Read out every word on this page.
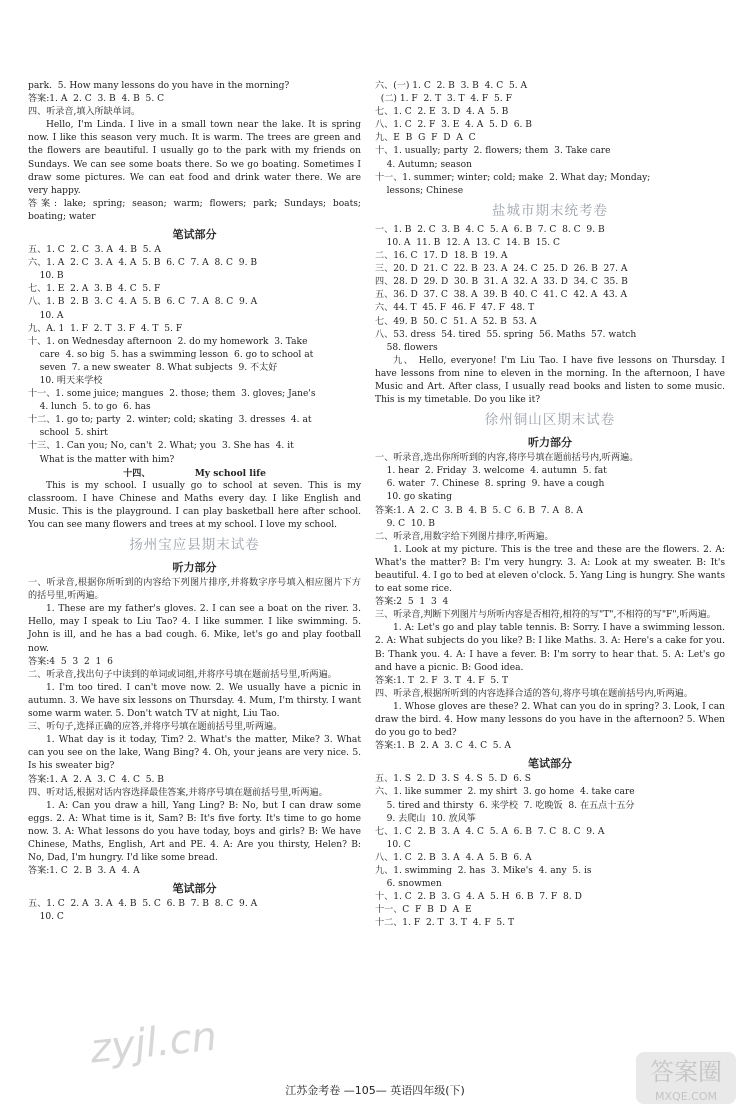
park.  5. How many lessons do you have in the morning?
答案:1. A  2. C  3. B  4. B  5. C
四、听录音,填入所缺单词。
Hello, I'm Linda. I live in a small town near the lake. It is spring now. I like this season very much. It is warm. The trees are green and the flowers are beautiful. I usually go to the park with my friends on Sundays. We can see some boats there. So we go boating. Sometimes I draw some pictures. We can eat food and drink water there. We are very happy.
答案: lake; spring; season; warm; flowers; park; Sundays; boats; boating; water
笔试部分
五、1. C  2. C  3. A  4. B  5. A
六、1. A  2. C  3. A  4. A  5. B  6. C  7. A  8. C  9. B
10. B
七、1. E  2. A  3. B  4. C  5. F
八、1. B  2. B  3. C  4. A  5. B  6. C  7. A  8. C  9. A
10. A
九、A. 1  1. F  2. T  3. F  4. T  5. F
十、1. on Wednesday afternoon  2. do my homework  3. Take
care  4. so big  5. has a swimming lesson  6. go to school at
seven  7. a new sweater  8. What subjects  9. 不太好
10. 明天来学校
十一、1. some juice; mangues  2. those; them  3. gloves; Jane's
4. lunch  5. to go  6. has
十二、1. go to; party  2. winter; cold; skating  3. dresses  4. at
school  5. shirt
十三、1. Can you; No, can't  2. What; you  3. She has  4. it
What is the matter with him?
十四、              My school life
This is my school. I usually go to school at seven. This is my classroom. I have Chinese and Maths every day. I like English and Music. This is the playground. I can play basketball here after school. You can see many flowers and trees at my school. I love my school.
扬州宝应县期末试卷
听力部分
一、听录音,根据你所听到的内容给下列图片排序,并将数字序号填入相应图片下方的括号里,听两遍。
1. These are my father's gloves. 2. I can see a boat on the river. 3. Hello, may I speak to Liu Tao? 4. I like summer. I like swimming. 5. John is ill, and he has a bad cough. 6. Mike, let's go and play football now.
答案:4  5  3  2  1  6
二、听录音,找出句子中读到的单词或词组,并将序号填在题前括号里,听两遍。
1. I'm too tired. I can't move now. 2. We usually have a picnic in autumn. 3. We have six lessons on Thursday. 4. Mum, I'm thirsty. I want some warm water. 5. Don't watch TV at night, Liu Tao.
三、听句子,选择正确的应答,并将序号填在题前括号里,听两遍。
1. What day is it today, Tim? 2. What's the matter, Mike? 3. What can you see on the lake, Wang Bing? 4. Oh, your jeans are very nice. 5. Is his sweater big?
答案:1. A  2. A  3. C  4. C  5. B
四、听对话,根据对话内容选择最佳答案,并将序号填在题前括号里,听两遍。
1. A: Can you draw a hill, Yang Ling? B: No, but I can draw some eggs. 2. A: What time is it, Sam? B: It's five forty. It's time to go home now. 3. A: What lessons do you have today, boys and girls? B: We have Chinese, Maths, English, Art and PE. 4. A: Are you thirsty, Helen? B: No, Dad, I'm hungry. I'd like some bread.
答案:1. C  2. B  3. A  4. A
笔试部分
五、1. C  2. A  3. A  4. B  5. C  6. B  7. B  8. C  9. A
10. C
六、(一) 1. C  2. B  3. B  4. C  5. A
(二) 1. F  2. T  3. T  4. F  5. F
七、1. C  2. E  3. D  4. A  5. B
八、1. C  2. F  3. E  4. A  5. D  6. B
九、E  B  G  F  D  A  C
十、1. usually; party  2. flowers; them  3. Take care
4. Autumn; season
十一、1. summer; winter; cold; make  2. What day; Monday;
lessons; Chinese
盐城市期末统考卷
一、1. B  2. C  3. B  4. C  5. A  6. B  7. C  8. C  9. B
10. A  11. B  12. A  13. C  14. B  15. C
二、16. C  17. D  18. B  19. A
三、20. D  21. C  22. B  23. A  24. C  25. D  26. B  27. A
四、28. D  29. D  30. B  31. A  32. A  33. D  34. C  35. B
五、36. D  37. C  38. A  39. B  40. C  41. C  42. A  43. A
六、44. T  45. F  46. F  47. F  48. T
七、49. B  50. C  51. A  52. B  53. A
八、53. dress  54. tired  55. spring  56. Maths  57. watch
58. flowers
九、 Hello, everyone! I'm Liu Tao. I have five lessons on Thursday. I have lessons from nine to eleven in the morning. In the afternoon, I have Music and Art. After class, I usually read books and listen to some music. This is my timetable. Do you like it?
徐州铜山区期末试卷
听力部分
一、听录音,选出你所听到的内容,将序号填在题前括号内,听两遍。
1. hear  2. Friday  3. welcome  4. autumn  5. fat
6. water  7. Chinese  8. spring  9. have a cough
10. go skating
答案:1. A  2. C  3. B  4. B  5. C  6. B  7. A  8. A
9. C  10. B
二、听录音,用数字给下列图片排序,听两遍。
1. Look at my picture. This is the tree and these are the flowers. 2. A: What's the matter? B: I'm very hungry. 3. A: Look at my sweater. B: It's beautiful. 4. I go to bed at eleven o'clock. 5. Yang Ling is hungry. She wants to eat some rice.
答案:2  5  1  3  4
三、听录音,判断下列图片与所听内容是否相符,相符的写"T",不相符的写"F",听两遍。
1. A: Let's go and play table tennis. B: Sorry. I have a swimming lesson. 2. A: What subjects do you like? B: I like Maths. 3. A: Here's a cake for you. B: Thank you. 4. A: I have a fever. B: I'm sorry to hear that. 5. A: Let's go and have a picnic. B: Good idea.
答案:1. T  2. F  3. T  4. F  5. T
四、听录音,根据所听到的内容选择合适的答句,将序号填在题前括号内,听两遍。
1. Whose gloves are these? 2. What can you do in spring? 3. Look, I can draw the bird. 4. How many lessons do you have in the afternoon? 5. When do you go to bed?
答案:1. B  2. A  3. C  4. C  5. A
笔试部分
五、1. S  2. D  3. S  4. S  5. D  6. S
六、1. like summer  2. my shirt  3. go home  4. take care
5. tired and thirsty  6. 来学校  7. 吃晚饭  8. 在五点十五分
9. 去爬山  10. 放风筝
七、1. C  2. B  3. A  4. C  5. A  6. B  7. C  8. C  9. A
10. C
八、1. C  2. B  3. A  4. A  5. B  6. A
九、1. swimming  2. has  3. Mike's  4. any  5. is
6. snowmen
十、1. C  2. B  3. G  4. A  5. H  6. B  7. F  8. D
十一、C  F  B  D  A  E
十二、1. F  2. T  3. T  4. F  5. T
zyjl.cn	答案圈
MXQE.COM
江苏金考卷 —105— 英语四年级(下)
